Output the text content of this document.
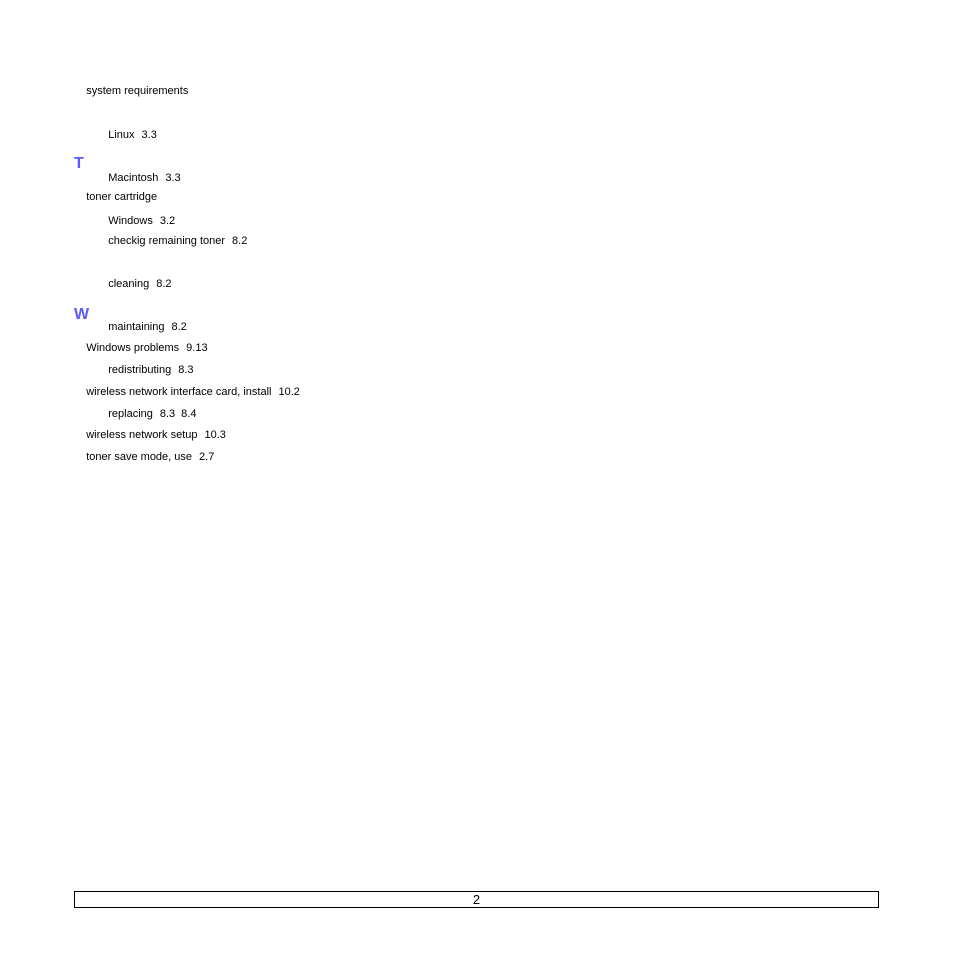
system requirements

Linux 3.3

Macintosh 3.3

Windows 3.2

T

toner cartridge

checkig remaining toner 8.2

cleaning 8.2

maintaining 8.2

redistributing 8.3

replacing 8.3 8.4

toner save mode, use 2.7

W

Windows problems 9.13

wireless network interface card, install 10.2

wireless network setup 10.3

2
